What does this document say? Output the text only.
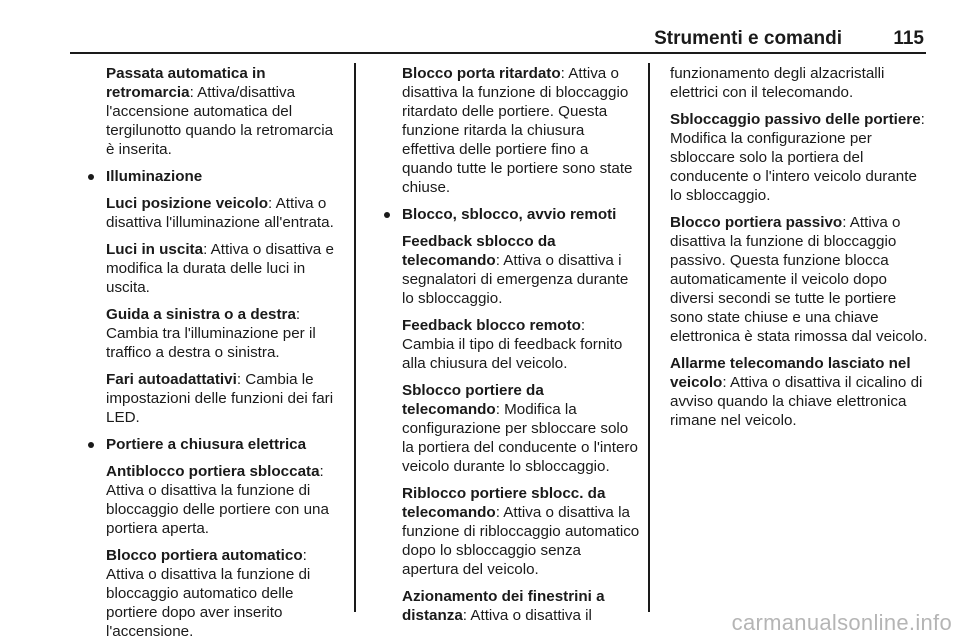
Strumenti e comandi	115
Passata automatica in retromarcia: Attiva/disattiva l'accensione automatica del tergilunotto quando la retromarcia è inserita.
Illuminazione
Luci posizione veicolo: Attiva o disattiva l'illuminazione all'entrata.
Luci in uscita: Attiva o disattiva e modifica la durata delle luci in uscita.
Guida a sinistra o a destra: Cambia tra l'illuminazione per il traffico a destra o sinistra.
Fari autoadattativi: Cambia le impostazioni delle funzioni dei fari LED.
Portiere a chiusura elettrica
Antiblocco portiera sbloccata: Attiva o disattiva la funzione di bloccaggio delle portiere con una portiera aperta.
Blocco portiera automatico: Attiva o disattiva la funzione di bloccaggio automatico delle portiere dopo aver inserito l'accensione.
Blocco porta ritardato: Attiva o disattiva la funzione di bloccaggio ritardato delle portiere. Questa funzione ritarda la chiusura effettiva delle portiere fino a quando tutte le portiere sono state chiuse.
Blocco, sblocco, avvio remoti
Feedback sblocco da telecomando: Attiva o disattiva i segnalatori di emergenza durante lo sbloccaggio.
Feedback blocco remoto: Cambia il tipo di feedback fornito alla chiusura del veicolo.
Sblocco portiere da telecomando: Modifica la configurazione per sbloccare solo la portiera del conducente o l'intero veicolo durante lo sbloccaggio.
Riblocco portiere sblocc. da telecomando: Attiva o disattiva la funzione di ribloccaggio automatico dopo lo sbloccaggio senza apertura del veicolo.
Azionamento dei finestrini a distanza: Attiva o disattiva il
funzionamento degli alzacristalli elettrici con il telecomando.
Sbloccaggio passivo delle portiere: Modifica la configurazione per sbloccare solo la portiera del conducente o l'intero veicolo durante lo sbloccaggio.
Blocco portiera passivo: Attiva o disattiva la funzione di bloccaggio passivo. Questa funzione blocca automaticamente il veicolo dopo diversi secondi se tutte le portiere sono state chiuse e una chiave elettronica è stata rimossa dal veicolo.
Allarme telecomando lasciato nel veicolo: Attiva o disattiva il cicalino di avviso quando la chiave elettronica rimane nel veicolo.
carmanualsonline.info
